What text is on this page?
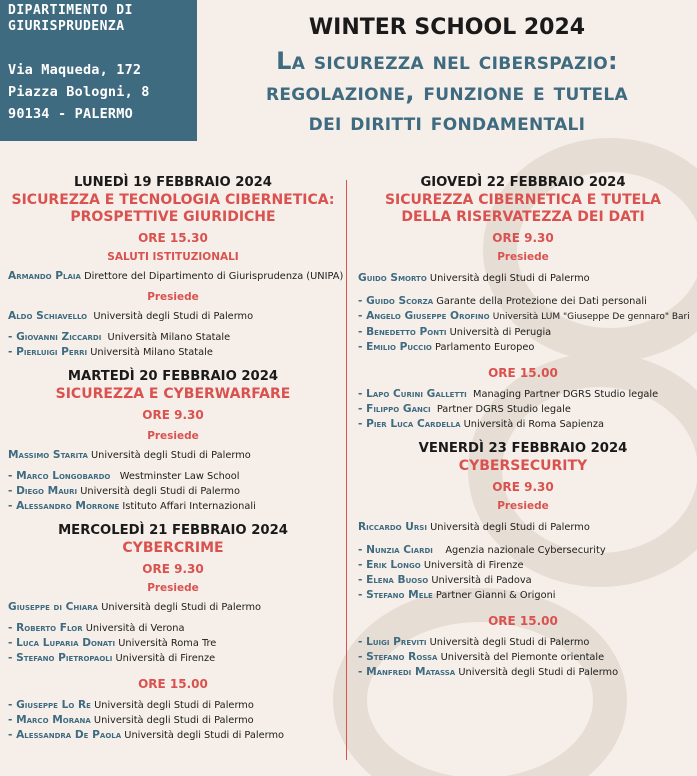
DIPARTIMENTO DI
GIURISPRUDENZA
Via Maqueda, 172
Piazza Bologni, 8
90134 - PALERMO
WINTER SCHOOL 2024
La sicurezza nel ciberspazio:
regolazione, funzione e tutela
dei diritti fondamentali
LUNEDÌ 19 FEBBRAIO 2024
SICUREZZA E TECNOLOGIA CIBERNETICA:
PROSPETTIVE GIURIDICHE
ORE 15.30
SALUTI ISTITUZIONALI
Armando Plaia Direttore del Dipartimento di Giurisprudenza (UNIPA)
Presiede
Aldo Schiavello Università degli Studi di Palermo
- Giovanni Ziccardi Università Milano Statale
- Pierluigi Perri Università Milano Statale
MARTEDÌ 20 FEBBRAIO 2024
SICUREZZA E CYBERWARFARE
ORE 9.30
Presiede
Massimo Starita Università degli Studi di Palermo
- Marco Longobardo Westminster Law School
- Diego Mauri Università degli Studi di Palermo
- Alessandro Morrone Istituto Affari Internazionali
MERCOLEDÌ 21 FEBBRAIO 2024
CYBERCRIME
ORE 9.30
Presiede
Giuseppe di Chiara Università degli Studi di Palermo
- Roberto Flor Università di Verona
- Luca Luparia Donati Università Roma Tre
- Stefano Pietropaoli Università di Firenze
ORE 15.00
- Giuseppe Lo Re Università degli Studi di Palermo
- Marco Morana Università degli Studi di Palermo
- Alessandra De Paola Università degli Studi di Palermo
GIOVEDÌ 22 FEBBRAIO 2024
SICUREZZA CIBERNETICA E TUTELA
DELLA RISERVATEZZA DEI DATI
ORE 9.30
Presiede
Guido Smorto Università degli Studi di Palermo
- Guido Scorza Garante della Protezione dei Dati personali
- Angelo Giuseppe Orofino Università LUM "Giuseppe De gennaro" Bari
- Benedetto Ponti Università di Perugia
- Emilio Puccio Parlamento Europeo
ORE 15.00
- Lapo Curini Galletti Managing Partner DGRS Studio legale
- Filippo Ganci Partner DGRS Studio legale
- Pier Luca Cardella Università di Roma Sapienza
VENERDÌ 23 FEBBRAIO 2024
CYBERSECURITY
ORE 9.30
Presiede
Riccardo Ursi Università degli Studi di Palermo
- Nunzia Ciardi Agenzia nazionale Cybersecurity
- Erik Longo Università di Firenze
- Elena Buoso Università di Padova
- Stefano Mele Partner Gianni & Origoni
ORE 15.00
- Luigi Previti Università degli Studi di Palermo
- Stefano Rossa Università del Piemonte orientale
- Manfredi Matassa Università degli Studi di Palermo
